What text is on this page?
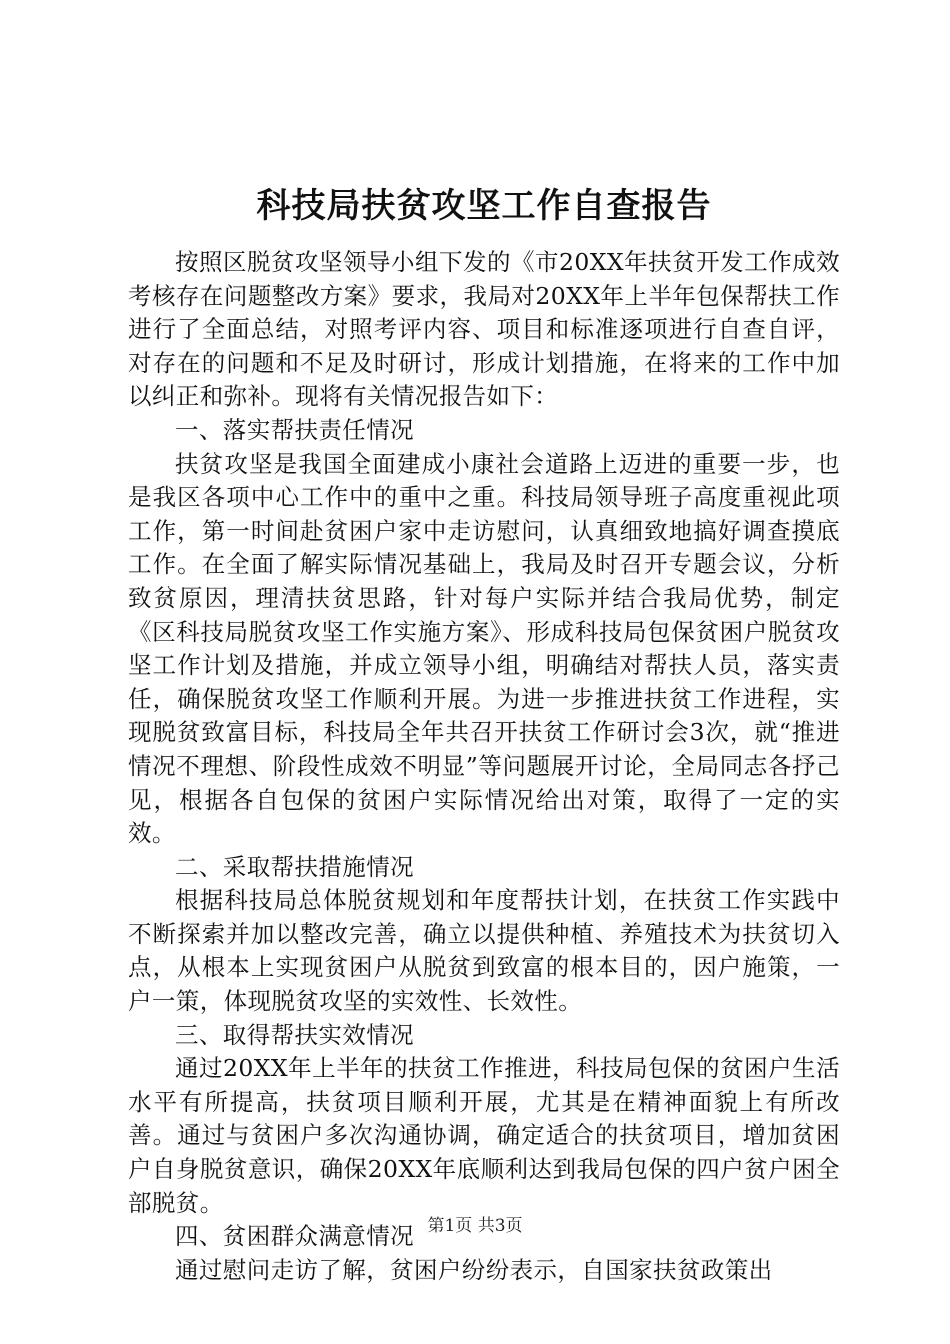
科技局扶贫攻坚工作自查报告

按照区脱贫攻坚领导小组下发的《市20XX年扶贫开发工作成效考核存在问题整改方案》要求，我局对20XX年上半年包保帮扶工作进行了全面总结，对照考评内容、项目和标准逐项进行自查自评，对存在的问题和不足及时研讨，形成计划措施，在将来的工作中加以纠正和弥补。现将有关情况报告如下：

一、落实帮扶责任情况

扶贫攻坚是我国全面建成小康社会道路上迈进的重要一步，也是我区各项中心工作中的重中之重。科技局领导班子高度重视此项工作，第一时间赴贫困户家中走访慰问，认真细致地搞好调查摸底工作。在全面了解实际情况基础上，我局及时召开专题会议，分析致贫原因，理清扶贫思路，针对每户实际并结合我局优势，制定《区科技局脱贫攻坚工作实施方案》、形成科技局包保贫困户脱贫攻坚工作计划及措施，并成立领导小组，明确结对帮扶人员，落实责任，确保脱贫攻坚工作顺利开展。为进一步推进扶贫工作进程，实现脱贫致富目标，科技局全年共召开扶贫工作研讨会3次，就“推进情况不理想、阶段性成效不明显”等问题展开讨论，全局同志各抒己见，根据各自包保的贫困户实际情况给出对策，取得了一定的实效。

二、采取帮扶措施情况

根据科技局总体脱贫规划和年度帮扶计划，在扶贫工作实践中不断探索并加以整改完善，确立以提供种植、养殖技术为扶贫切入点，从根本上实现贫困户从脱贫到致富的根本目的，因户施策，一户一策，体现脱贫攻坚的实效性、长效性。

三、取得帮扶实效情况

通过20XX年上半年的扶贫工作推进，科技局包保的贫困户生活水平有所提高，扶贫项目顺利开展，尤其是在精神面貌上有所改善。通过与贫困户多次沟通协调，确定适合的扶贫项目，增加贫困户自身脱贫意识，确保20XX年底顺利达到我局包保的四户贫户困全部脱贫。

四、贫困群众满意情况

通过慰问走访了解，贫困户纷纷表示，自国家扶贫政策出

第1页 共3页
